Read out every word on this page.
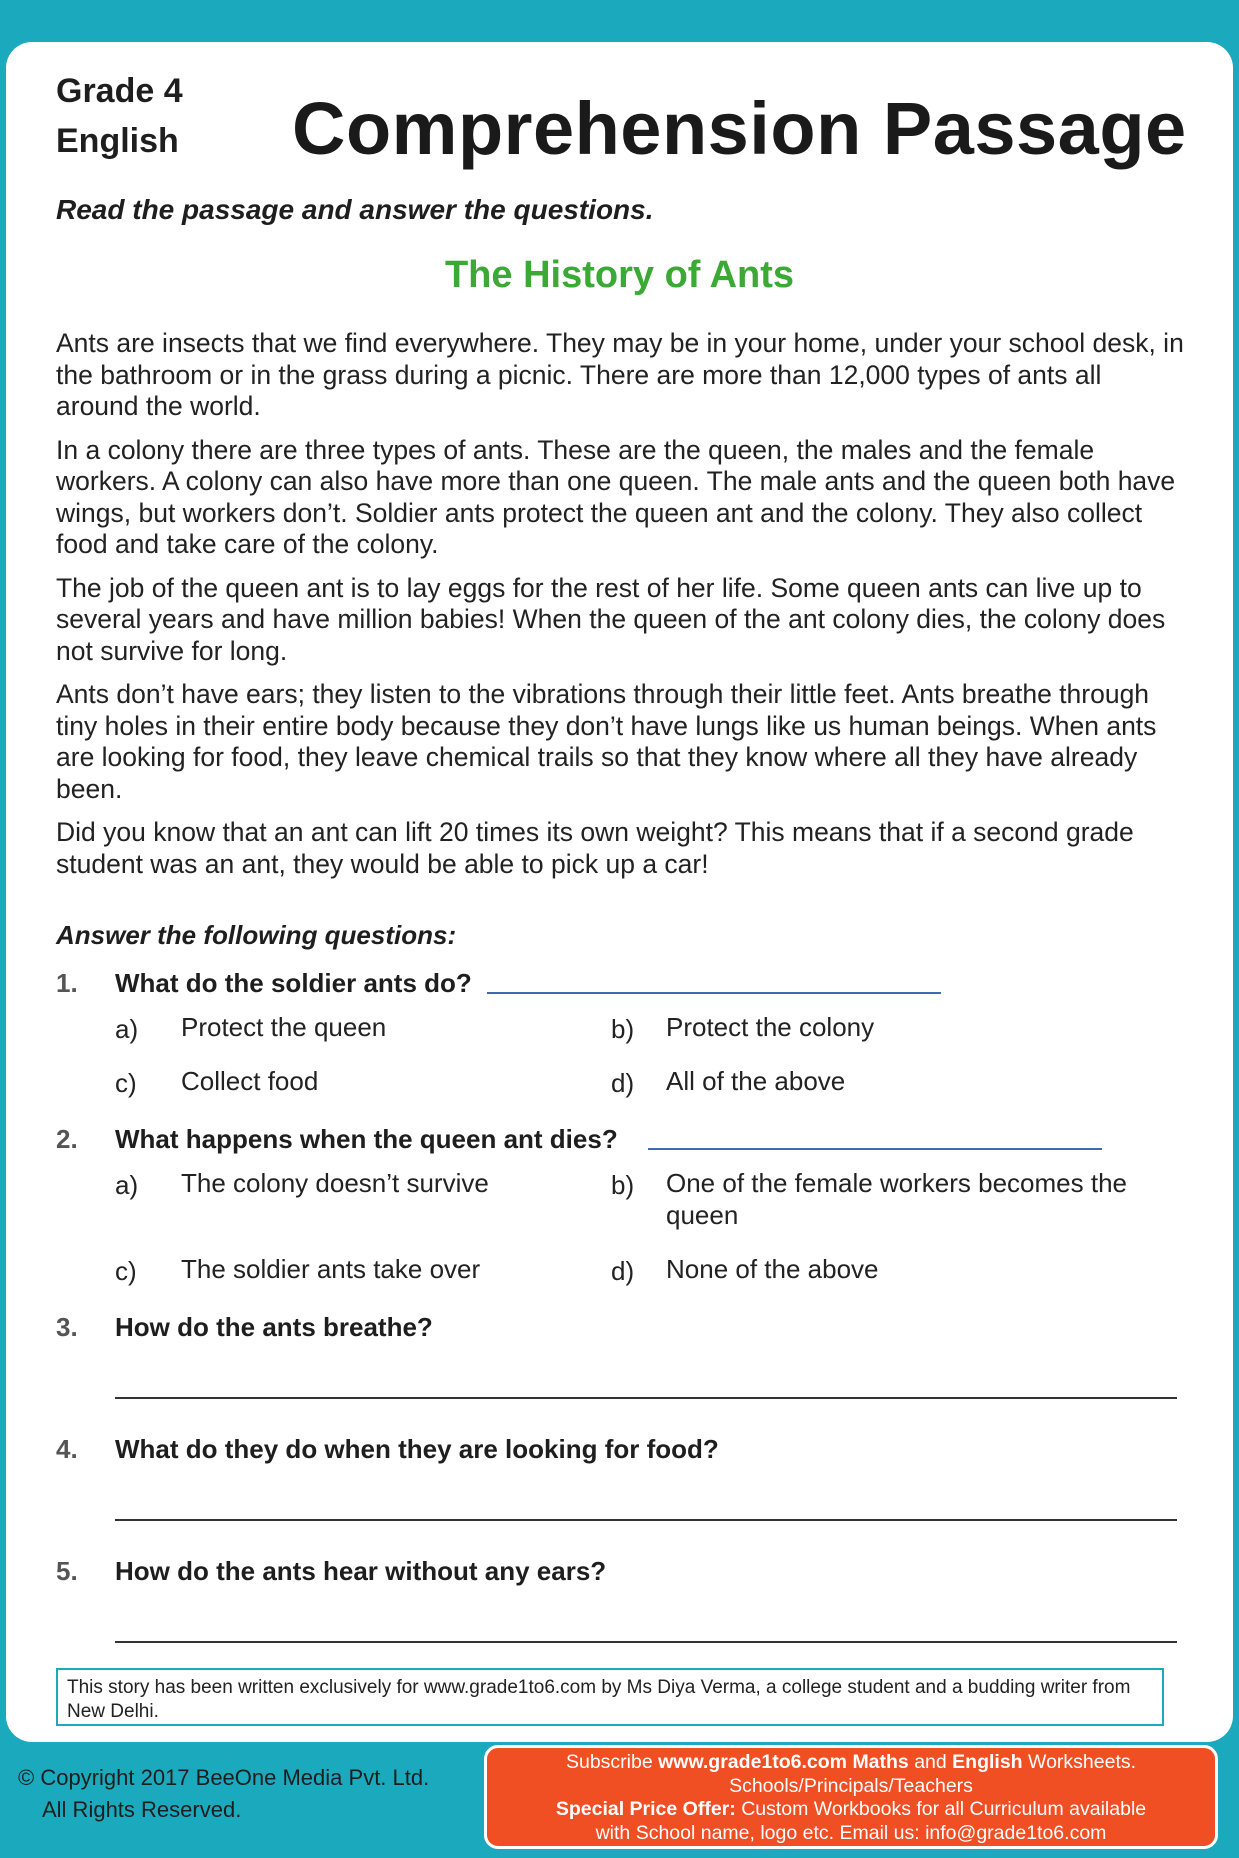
Grade 4
English Comprehension Passage
Read the passage and answer the questions.
The History of Ants

Ants are insects that we find everywhere. They may be in your home, under your school desk, in the bathroom or in the grass during a picnic. There are more than 12,000 types of ants all around the world.

In a colony there are three types of ants. These are the queen, the males and the female workers. A colony can also have more than one queen. The male ants and the queen both have wings, but workers don’t. Soldier ants protect the queen ant and the colony. They also collect food and take care of the colony.

The job of the queen ant is to lay eggs for the rest of her life. Some queen ants can live up to several years and have million babies! When the queen of the ant colony dies, the colony does not survive for long.

Ants don’t have ears; they listen to the vibrations through their little feet. Ants breathe through tiny holes in their entire body because they don’t have lungs like us human beings. When ants are looking for food, they leave chemical trails so that they know where all they have already been.

Did you know that an ant can lift 20 times its own weight? This means that if a second grade student was an ant, they would be able to pick up a car!

Answer the following questions:
1. What do the soldier ants do?
a) Protect the queen	b) Protect the colony
c) Collect food	d) All of the above
2. What happens when the queen ant dies?
a) The colony doesn’t survive	b) One of the female workers becomes the queen
c) The soldier ants take over	d) None of the above
3. How do the ants breathe?
4. What do they do when they are looking for food?
5. How do the ants hear without any ears?
This story has been written exclusively for www.grade1to6.com by Ms Diya Verma, a college student and a budding writer from New Delhi.
© Copyright 2017 BeeOne Media Pvt. Ltd.
All Rights Reserved.
Subscribe www.grade1to6.com Maths and English Worksheets.
Schools/Principals/Teachers
Special Price Offer: Custom Workbooks for all Curriculum available
with School name, logo etc. Email us: info@grade1to6.com
